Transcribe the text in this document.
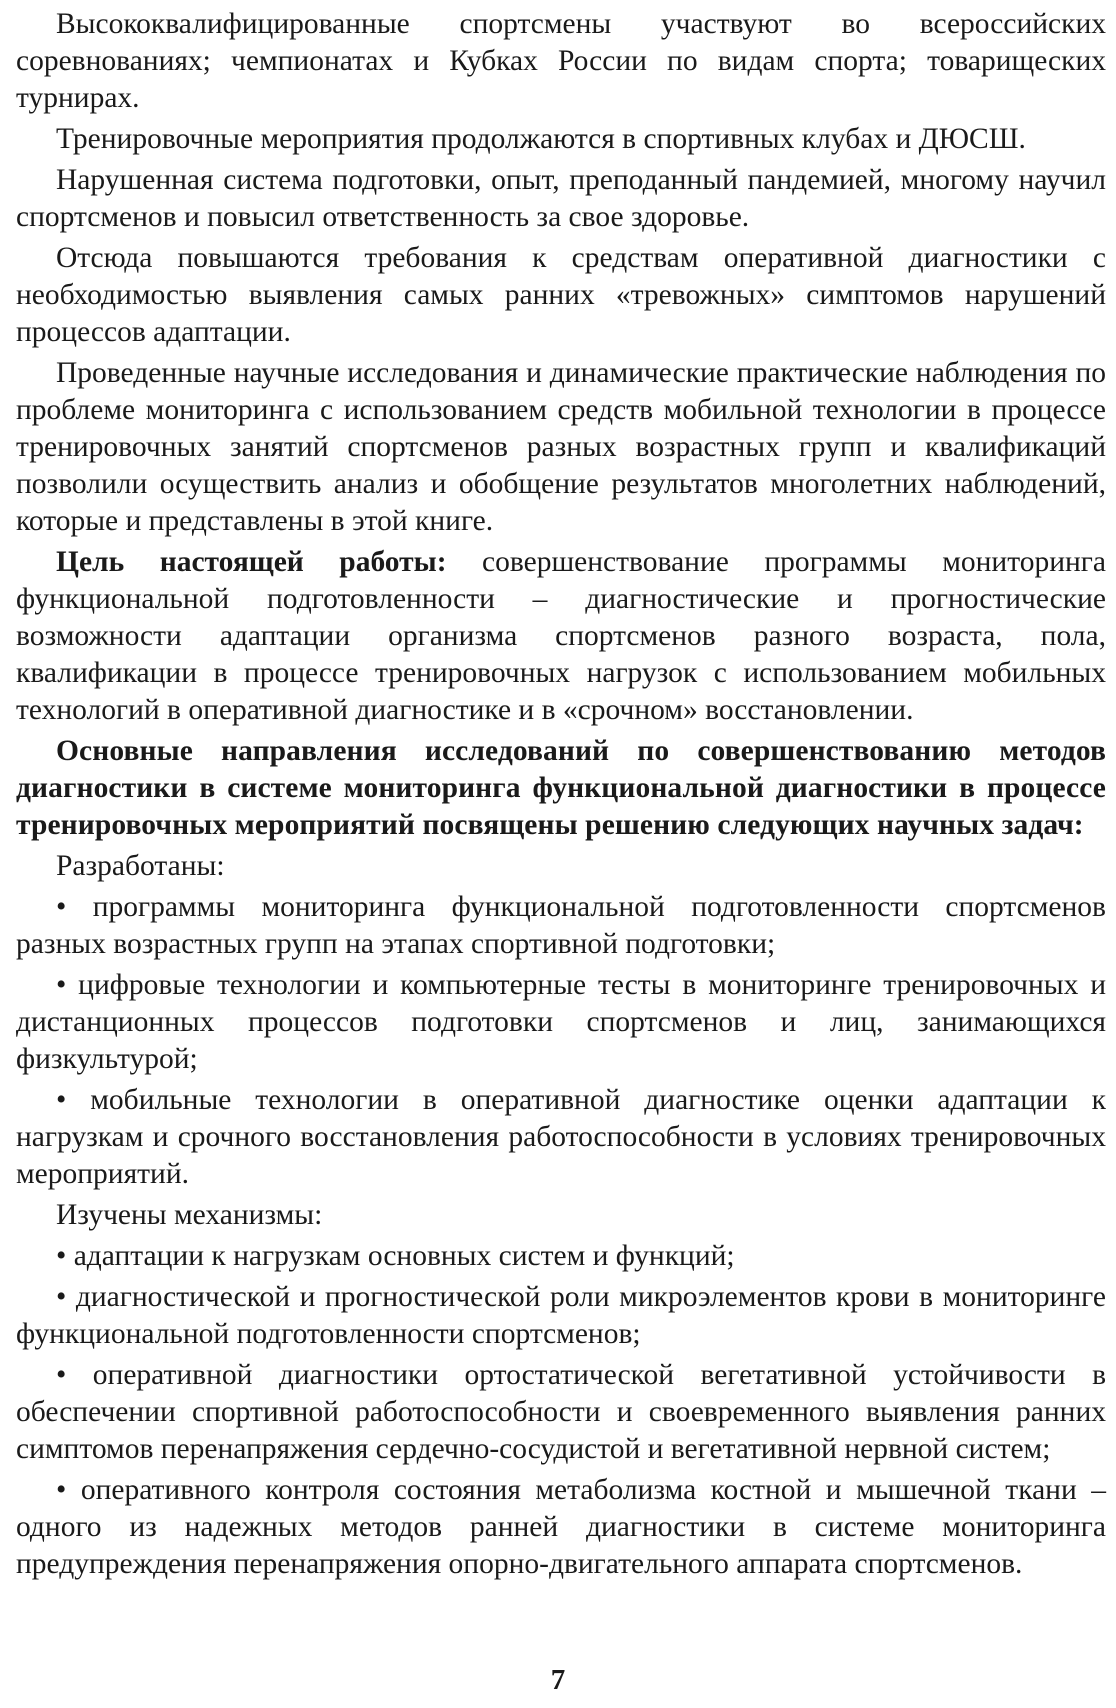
Высококвалифицированные спортсмены участвуют во всероссийских соревнованиях; чемпионатах и Кубках России по видам спорта; товарищеских турнирах.

Тренировочные мероприятия продолжаются в спортивных клубах и ДЮСШ.

Нарушенная система подготовки, опыт, преподанный пандемией, многому научил спортсменов и повысил ответственность за свое здоровье.

Отсюда повышаются требования к средствам оперативной диагностики с необходимостью выявления самых ранних «тревожных» симптомов нарушений процессов адаптации.

Проведенные научные исследования и динамические практические наблюдения по проблеме мониторинга с использованием средств мобильной технологии в процессе тренировочных занятий спортсменов разных возрастных групп и квалификаций позволили осуществить анализ и обобщение результатов многолетних наблюдений, которые и представлены в этой книге.

Цель настоящей работы: совершенствование программы мониторинга функциональной подготовленности – диагностические и прогностические возможности адаптации организма спортсменов разного возраста, пола, квалификации в процессе тренировочных нагрузок с использованием мобильных технологий в оперативной диагностике и в «срочном» восстановлении.

Основные направления исследований по совершенствованию методов диагностики в системе мониторинга функциональной диагностики в процессе тренировочных мероприятий посвящены решению следующих научных задач:

Разработаны:

• программы мониторинга функциональной подготовленности спортсменов разных возрастных групп на этапах спортивной подготовки;

• цифровые технологии и компьютерные тесты в мониторинге тренировочных и дистанционных процессов подготовки спортсменов и лиц, занимающихся физкультурой;

• мобильные технологии в оперативной диагностике оценки адаптации к нагрузкам и срочного восстановления работоспособности в условиях тренировочных мероприятий.

Изучены механизмы:

• адаптации к нагрузкам основных систем и функций;

• диагностической и прогностической роли микроэлементов крови в мониторинге функциональной подготовленности спортсменов;

• оперативной диагностики ортостатической вегетативной устойчивости в обеспечении спортивной работоспособности и своевременного выявления ранних симптомов перенапряжения сердечно-сосудистой и вегетативной нервной систем;

• оперативного контроля состояния метаболизма костной и мышечной ткани – одного из надежных методов ранней диагностики в системе мониторинга предупреждения перенапряжения опорно-двигательного аппарата спортсменов.

7
